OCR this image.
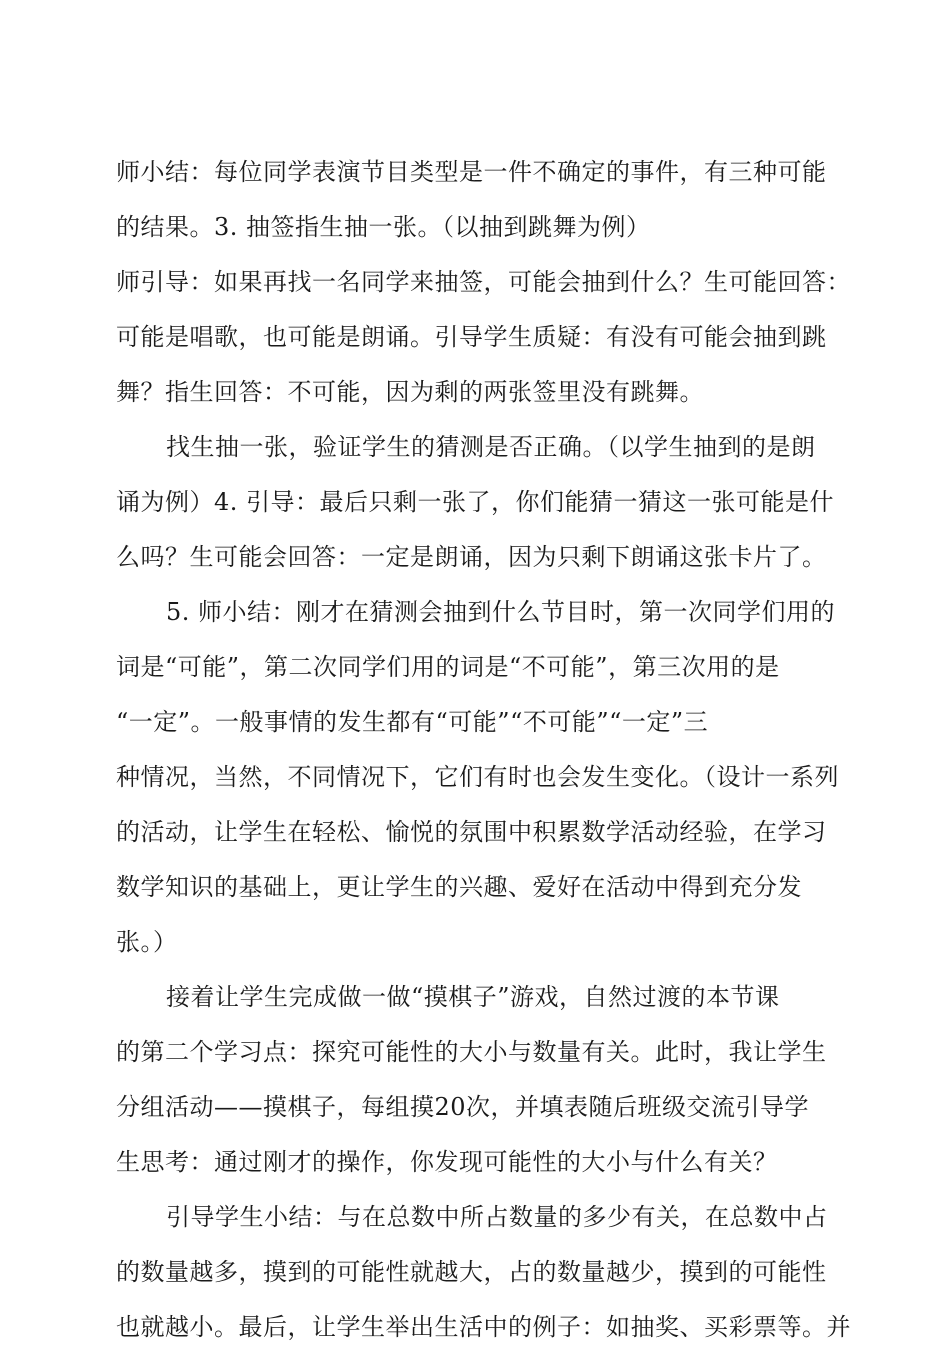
师小结：每位同学表演节目类型是一件不确定的事件，有三种可能
的结果。3. 抽签指生抽一张。（以抽到跳舞为例）
师引导：如果再找一名同学来抽签，可能会抽到什么？生可能回答：
可能是唱歌，也可能是朗诵。引导学生质疑：有没有可能会抽到跳
舞？指生回答：不可能，因为剩的两张签里没有跳舞。
找生抽一张，验证学生的猜测是否正确。（以学生抽到的是朗
诵为例）4. 引导：最后只剩一张了，你们能猜一猜这一张可能是什
么吗？生可能会回答：一定是朗诵，因为只剩下朗诵这张卡片了。
5. 师小结：刚才在猜测会抽到什么节目时，第一次同学们用的
词是“可能”，第二次同学们用的词是“不可能”，第三次用的是
“一定”。一般事情的发生都有“可能”“不可能”“一定”三
种情况，当然，不同情况下，它们有时也会发生变化。（设计一系列
的活动，让学生在轻松、愉悦的氛围中积累数学活动经验，在学习
数学知识的基础上，更让学生的兴趣、爱好在活动中得到充分发
张。）
接着让学生完成做一做“摸棋子”游戏，自然过渡的本节课
的第二个学习点：探究可能性的大小与数量有关。此时，我让学生
分组活动——摸棋子，每组摸20次，并填表随后班级交流引导学
生思考：通过刚才的操作，你发现可能性的大小与什么有关？
引导学生小结：与在总数中所占数量的多少有关，在总数中占
的数量越多，摸到的可能性就越大，占的数量越少，摸到的可能性
也就越小。最后，让学生举出生活中的例子：如抽奖、买彩票等。并
